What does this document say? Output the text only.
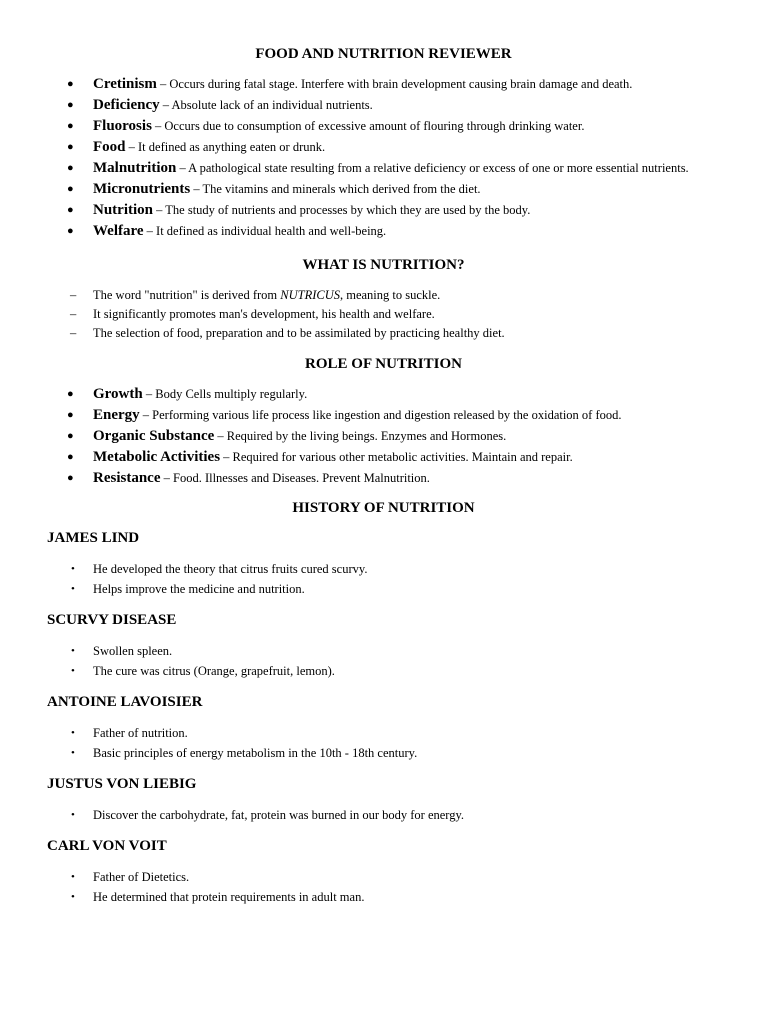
FOOD AND NUTRITION REVIEWER
● Cretinism – Occurs during fatal stage. Interfere with brain development causing brain damage and death.
● Deficiency – Absolute lack of an individual nutrients.
● Fluorosis – Occurs due to consumption of excessive amount of flouring through drinking water.
● Food – It defined as anything eaten or drunk.
● Malnutrition – A pathological state resulting from a relative deficiency or excess of one or more essential nutrients.
● Micronutrients – The vitamins and minerals which derived from the diet.
● Nutrition – The study of nutrients and processes by which they are used by the body.
● Welfare – It defined as individual health and well-being.
WHAT IS NUTRITION?
– The word "nutrition" is derived from NUTRICUS, meaning to suckle.
– It significantly promotes man's development, his health and welfare.
– The selection of food, preparation and to be assimilated by practicing healthy diet.
ROLE OF NUTRITION
● Growth – Body Cells multiply regularly.
● Energy – Performing various life process like ingestion and digestion released by the oxidation of food.
● Organic Substance – Required by the living beings. Enzymes and Hormones.
● Metabolic Activities – Required for various other metabolic activities. Maintain and repair.
● Resistance – Food. Illnesses and Diseases. Prevent Malnutrition.
HISTORY OF NUTRITION
JAMES LIND
• He developed the theory that citrus fruits cured scurvy.
• Helps improve the medicine and nutrition.
SCURVY DISEASE
• Swollen spleen.
• The cure was citrus (Orange, grapefruit, lemon).
ANTOINE LAVOISIER
• Father of nutrition.
• Basic principles of energy metabolism in the 10th - 18th century.
JUSTUS VON LIEBIG
• Discover the carbohydrate, fat, protein was burned in our body for energy.
CARL VON VOIT
• Father of Dietetics.
• He determined that protein requirements in adult man.
